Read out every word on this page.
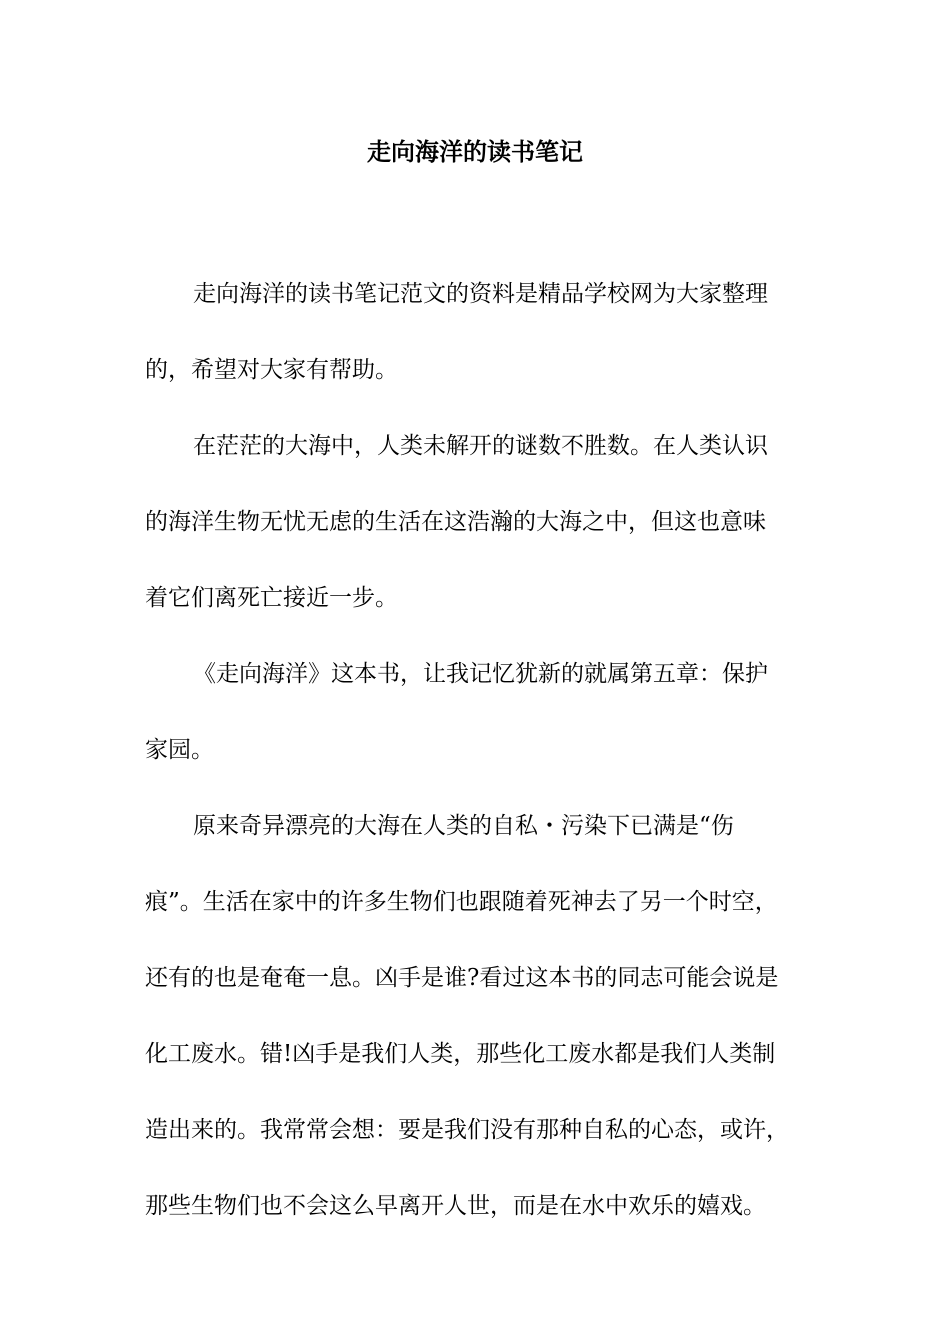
走向海洋的读书笔记
走向海洋的读书笔记范文的资料是精品学校网为大家整理
的，希望对大家有帮助。
在茫茫的大海中，人类未解开的谜数不胜数。在人类认识
的海洋生物无忧无虑的生活在这浩瀚的大海之中，但这也意味
着它们离死亡接近一步。
《走向海洋》这本书，让我记忆犹新的就属第五章：保护
家园。
原来奇异漂亮的大海在人类的自私・污染下已满是“伤
痕”。生活在家中的许多生物们也跟随着死神去了另一个时空，
还有的也是奄奄一息。凶手是谁?看过这本书的同志可能会说是
化工废水。错!凶手是我们人类，那些化工废水都是我们人类制
造出来的。我常常会想：要是我们没有那种自私的心态，或许，
那些生物们也不会这么早离开人世，而是在水中欢乐的嬉戏。
